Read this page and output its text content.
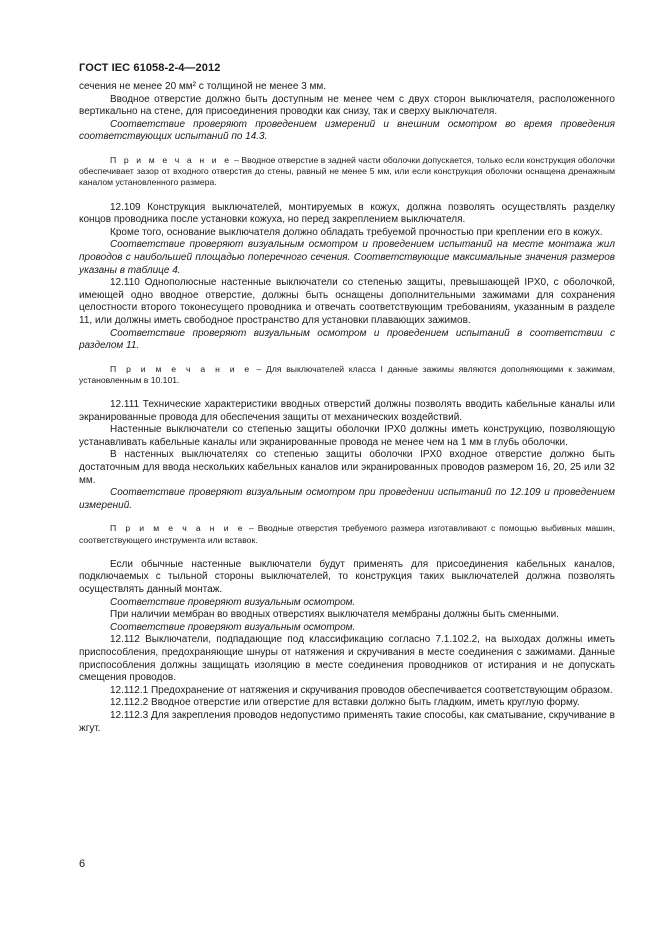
ГОСТ IEC 61058-2-4—2012

сечения не менее 20 мм² с толщиной не менее 3 мм.

Вводное отверстие должно быть доступным не менее чем с двух сторон выключателя, расположенного вертикально на стене, для присоединения проводки как снизу, так и сверху выключателя.

Соответствие проверяют проведением измерений и внешним осмотром во время проведения соответствующих испытаний по 14.3.

П р и м е ч а н и е – Вводное отверстие в задней части оболочки допускается, только если конструкция оболочки обеспечивает зазор от входного отверстия до стены, равный не менее 5 мм, или если конструкция оболочки оснащена дренажным каналом установленного размера.

12.109 Конструкция выключателей, монтируемых в кожух, должна позволять осуществлять разделку концов проводника после установки кожуха, но перед закреплением выключателя.

Кроме того, основание выключателя должно обладать требуемой прочностью при креплении его в кожух.

Соответствие проверяют визуальным осмотром и проведением испытаний на месте монтажа жил проводов с наибольшей площадью поперечного сечения. Соответствующие максимальные значения размеров указаны в таблице 4.

12.110 Однополюсные настенные выключатели со степенью защиты, превышающей IPX0, с оболочкой, имеющей одно вводное отверстие, должны быть оснащены дополнительными зажимами для сохранения целостности второго токонесущего проводника и отвечать соответствующим требованиям, указанным в разделе 11, или должны иметь свободное пространство для установки плавающих зажимов.

Соответствие проверяют визуальным осмотром и проведением испытаний в соответствии с разделом 11.

П р и м е ч а н и е – Для выключателей класса I данные зажимы являются дополняющими к зажимам, установленным в 10.101.

12.111 Технические характеристики вводных отверстий должны позволять вводить кабельные каналы или экранированные провода для обеспечения защиты от механических воздействий.

Настенные выключатели со степенью защиты оболочки IPX0 должны иметь конструкцию, позволяющую устанавливать кабельные каналы или экранированные провода не менее чем на 1 мм в глубь оболочки.

В настенных выключателях со степенью защиты оболочки IPX0 входное отверстие должно быть достаточным для ввода нескольких кабельных каналов или экранированных проводов размером 16, 20, 25 или 32 мм.

Соответствие проверяют визуальным осмотром при проведении испытаний по 12.109 и проведением измерений.

П р и м е ч а н и е – Вводные отверстия требуемого размера изготавливают с помощью выбивных машин, соответствующего инструмента или вставок.

Если обычные настенные выключатели будут применять для присоединения кабельных каналов, подключаемых с тыльной стороны выключателей, то конструкция таких выключателей должна позволять осуществлять данный монтаж.

Соответствие проверяют визуальным осмотром.

При наличии мембран во вводных отверстиях выключателя мембраны должны быть сменными.

Соответствие проверяют визуальным осмотром.

12.112 Выключатели, подпадающие под классификацию согласно 7.1.102.2, на выходах должны иметь приспособления, предохраняющие шнуры от натяжения и скручивания в месте соединения с зажимами. Данные приспособления должны защищать изоляцию в месте соединения проводников от истирания и не допускать смещения проводов.

12.112.1 Предохранение от натяжения и скручивания проводов обеспечивается соответствующим образом.

12.112.2 Вводное отверстие или отверстие для вставки должно быть гладким, иметь круглую форму.

12.112.3 Для закрепления проводов недопустимо применять такие способы, как сматывание, скручивание в жгут.

6
